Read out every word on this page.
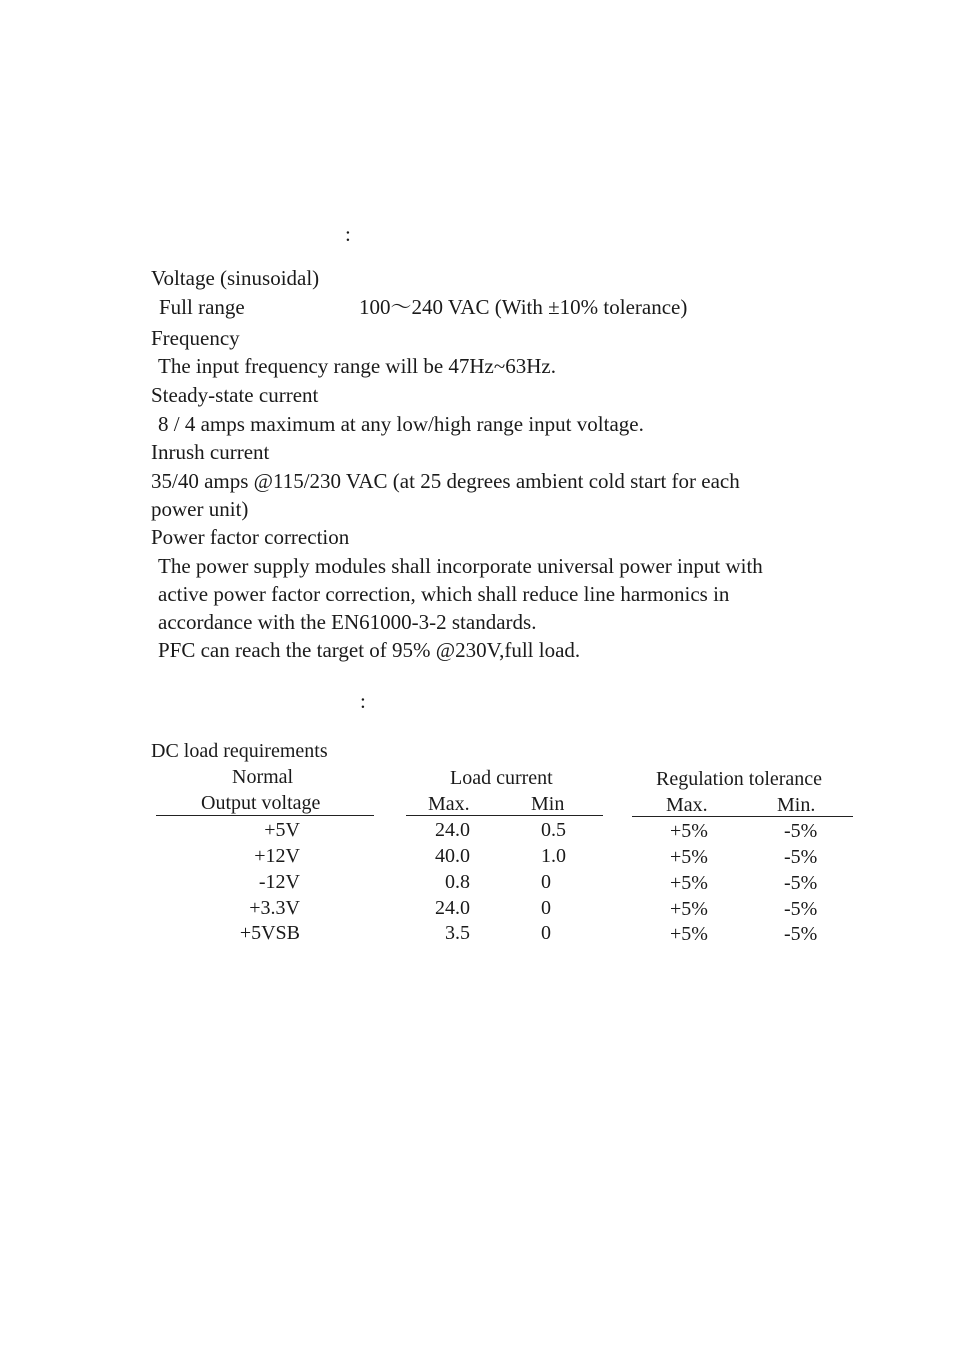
:
Voltage (sinusoidal)
Full range	100～240 VAC (With ±10% tolerance)
Frequency
The input frequency range will be 47Hz~63Hz.
Steady-state current
8 / 4 amps maximum at any low/high range input voltage.
Inrush current
35/40 amps @115/230 VAC (at 25 degrees ambient cold start for each
power unit)
Power factor correction
The power supply modules shall incorporate universal power input with
active power factor correction, which shall reduce line harmonics in
accordance with the EN61000-3-2 standards.
PFC can reach the target of 95% @230V,full load.
:
DC load requirements
Normal	Load current	Regulation tolerance
Output voltage	Max.	Min	Max.	Min.
+5V	24.0	0.5	+5%	-5%
+12V	40.0	1.0	+5%	-5%
-12V	0.8	0	+5%	-5%
+3.3V	24.0	0	+5%	-5%
+5VSB	3.5	0	+5%	-5%
